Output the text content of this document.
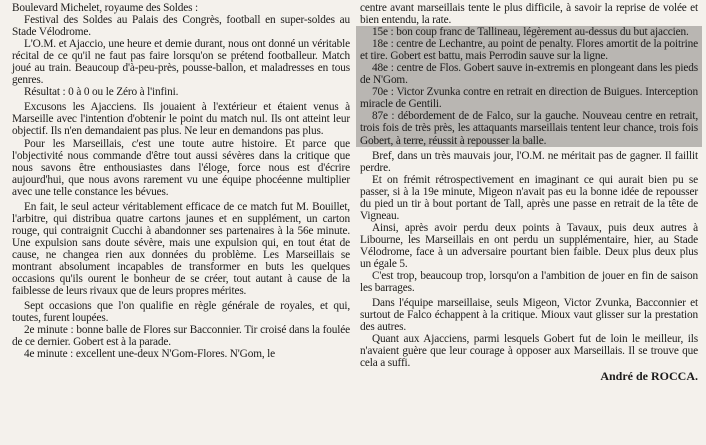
Boulevard Michelet, royaume des Soldes :

Festival des Soldes au Palais des Congrès, football en super-soldes au Stade Vélodrome.

L'O.M. et Ajaccio, une heure et demie durant, nous ont donné un véritable récital de ce qu'il ne faut pas faire lorsqu'on se prétend footballeur. Match joué au train. Beaucoup d'à-peu-près, pousse-ballon, et maladresses en tous genres.

Résultat : 0 à 0 ou le Zéro à l'infini.

Excusons les Ajacciens. Ils jouaient à l'extérieur et étaient venus à Marseille avec l'intention d'obtenir le point du match nul. Ils ont atteint leur objectif. Ils n'en demandaient pas plus. Ne leur en demandons pas plus.

Pour les Marseillais, c'est une toute autre histoire. Et parce que l'objectivité nous commande d'être tout aussi sévères dans la critique que nous savons être enthousiastes dans l'éloge, force nous est d'écrire aujourd'hui, que nous avons rarement vu une équipe phocéenne multiplier avec une telle constance les bévues.

En fait, le seul acteur véritablement efficace de ce match fut M. Bouillet, l'arbitre, qui distribua quatre cartons jaunes et en supplément, un carton rouge, qui contraignit Cucchi à abandonner ses partenaires à la 56e minute. Une expulsion sans doute sévère, mais une expulsion qui, en tout état de cause, ne changea rien aux données du problème. Les Marseillais se montrant absolument incapables de transformer en buts les quelques occasions qu'ils ourent le bonheur de se créer, tout autant à cause de la faiblesse de leurs rivaux que de leurs propres mérites.

Sept occasions que l'on qualifie en règle générale de royales, et qui, toutes, furent loupées.

2e minute : bonne balle de Flores sur Bacconnier. Tir croisé dans la foulée de ce dernier. Gobert est à la parade.

4e minute : excellent une-deux N'Gom-Flores. N'Gom, le

centre avant marseillais tente le plus difficile, à savoir la reprise de volée et bien entendu, la rate.

15e : bon coup franc de Tallineau, légèrement au-dessus du but ajaccien.

18e : centre de Lechantre, au point de penalty. Flores amortit de la poitrine et tire. Gobert est battu, mais Perrodin sauve sur la ligne.

48e : centre de Flos. Gobert sauve in-extremis en plongeant dans les pieds de N'Gom.

70e : Victor Zvunka contre en retrait en direction de Buigues. Interception miracle de Gentili.

87e : débordement de de Falco, sur la gauche. Nouveau centre en retrait, trois fois de très près, les attaquants marseillais tentent leur chance, trois fois Gobert, à terre, réussit à repousser la balle.

Bref, dans un très mauvais jour, l'O.M. ne méritait pas de gagner. Il faillit perdre.

Et on frémit rétrospectivement en imaginant ce qui aurait bien pu se passer, si à la 19e minute, Migeon n'avait pas eu la bonne idée de repousser du pied un tir à bout portant de Tall, après une passe en retrait de la tête de Vigneau.

Ainsi, après avoir perdu deux points à Tavaux, puis deux autres à Libourne, les Marseillais en ont perdu un supplémentaire, hier, au Stade Vélodrome, face à un adversaire pourtant bien faible. Deux plus deux plus un égale 5.

C'est trop, beaucoup trop, lorsqu'on a l'ambition de jouer en fin de saison les barrages.

Dans l'équipe marseillaise, seuls Migeon, Victor Zvunka, Bacconnier et surtout de Falco échappent à la critique. Mioux vaut glisser sur la prestation des autres.

Quant aux Ajacciens, parmi lesquels Gobert fut de loin le meilleur, ils n'avaient guère que leur courage à opposer aux Marseillais. Il se trouve que cela a suffi.

André de ROCCA.
